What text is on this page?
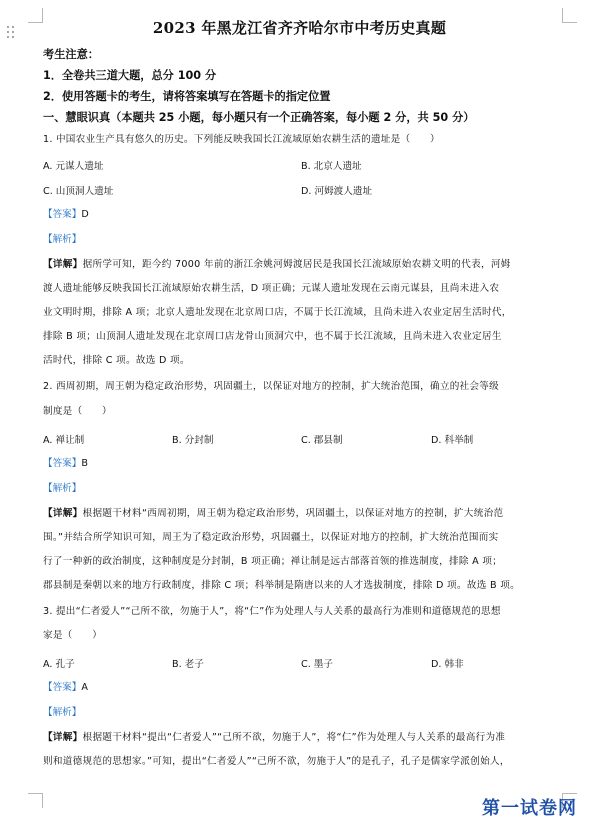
2023 年黑龙江省齐齐哈尔市中考历史真题
考生注意：
1．全卷共三道大题，总分 100 分
2．使用答题卡的考生，请将答案填写在答题卡的指定位置
一、慧眼识真（本题共 25 小题，每小题只有一个正确答案，每小题 2 分，共 50 分）
1. 中国农业生产具有悠久的历史。下列能反映我国长江流域原始农耕生活的遗址是（　　）
A. 元谋人遗址	B. 北京人遗址
C. 山顶洞人遗址	D. 河姆渡人遗址
【答案】D
【解析】
【详解】据所学可知，距今约 7000 年前的浙江余姚河姆渡居民是我国长江流域原始农耕文明的代表，河姆
渡人遗址能够反映我国长江流域原始农耕生活，D 项正确；元谋人遗址发现在云南元谋县，且尚未进入农
业文明时期，排除 A 项；北京人遗址发现在北京周口店，不属于长江流域，且尚未进入农业定居生活时代，
排除 B 项；山顶洞人遗址发现在北京周口店龙骨山顶洞穴中，也不属于长江流域，且尚未进入农业定居生
活时代，排除 C 项。故选 D 项。
2. 西周初期，周王朝为稳定政治形势，巩固疆土，以保证对地方的控制，扩大统治范围，确立的社会等级
制度是（　　）
A. 禅让制	B. 分封制	C. 郡县制	D. 科举制
【答案】B
【解析】
【详解】根据题干材料“西周初期，周王朝为稳定政治形势，巩固疆土，以保证对地方的控制，扩大统治范
围。”并结合所学知识可知，周王为了稳定政治形势，巩固疆土，以保证对地方的控制，扩大统治范围而实
行了一种新的政治制度，这种制度是分封制，B 项正确；禅让制是远古部落首领的推选制度，排除 A 项；
郡县制是秦朝以来的地方行政制度，排除 C 项；科举制是隋唐以来的人才选拔制度，排除 D 项。故选 B 项。
3. 提出“仁者爱人”“己所不欲，勿施于人”，将“仁”作为处理人与人关系的最高行为准则和道德规范的思想
家是（　　）
A. 孔子	B. 老子	C. 墨子	D. 韩非
【答案】A
【解析】
【详解】根据题干材料“提出“仁者爱人”“己所不欲，勿施于人”，将“仁”作为处理人与人关系的最高行为准
则和道德规范的思想家。”可知，提出“仁者爱人”“己所不欲，勿施于人”的是孔子，孔子是儒家学派创始人，
第一试卷网
